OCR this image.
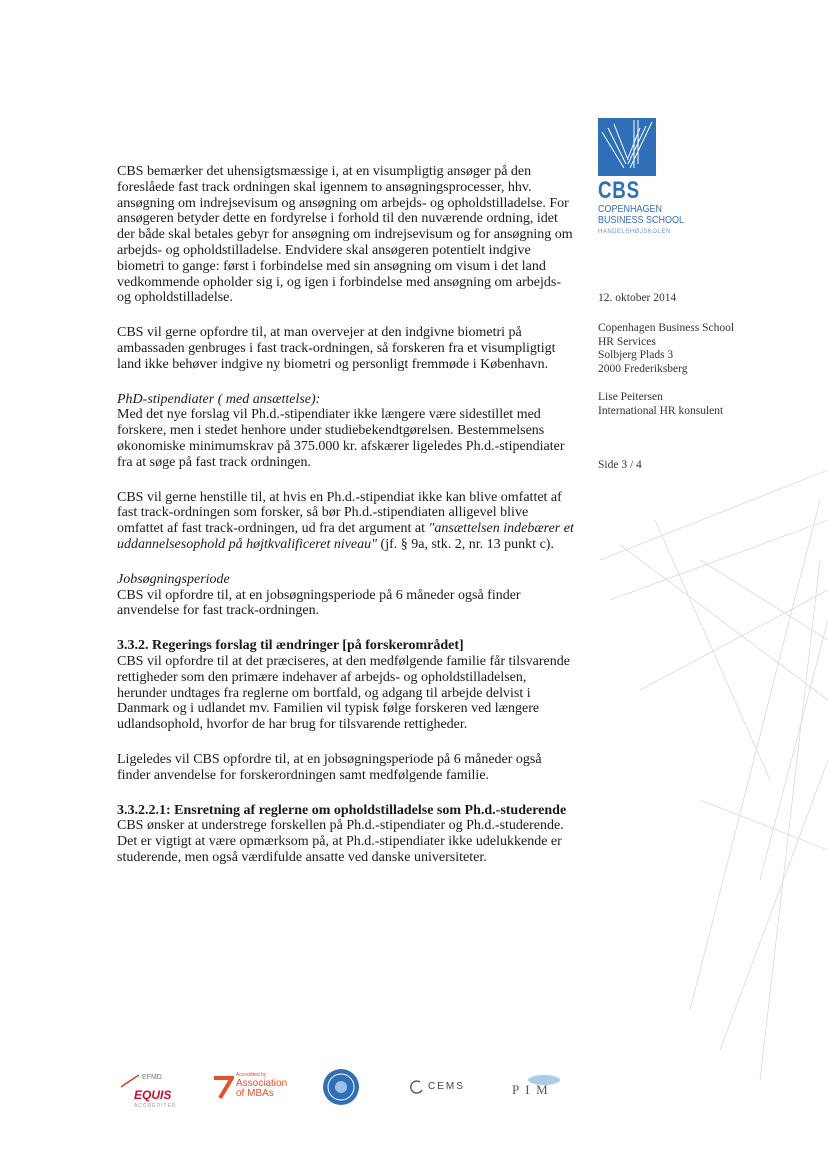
CBS
COPENHAGEN
BUSINESS SCHOOL
HANDELSHØJSKOLEN
12. oktober 2014
Copenhagen Business School
HR Services
Solbjerg Plads 3
2000 Frederiksberg
Lise Peitersen
International HR konsulent
Side 3 / 4

CBS bemærker det uhensigtsmæssige i, at en visumpligtig ansøger på den foreslåede fast track ordningen skal igennem to ansøgningsprocesser, hhv. ansøgning om indrejsevisum og ansøgning om arbejds- og opholdstilladelse. For ansøgeren betyder dette en fordyrelse i forhold til den nuværende ordning, idet der både skal betales gebyr for ansøgning om indrejsevisum og for ansøgning om arbejds- og opholdstilladelse. Endvidere skal ansøgeren potentielt indgive biometri to gange: først i forbindelse med sin ansøgning om visum i det land vedkommende opholder sig i, og igen i forbindelse med ansøgning om arbejds- og opholdstilladelse.

CBS vil gerne opfordre til, at man overvejer at den indgivne biometri på ambassaden genbruges i fast track-ordningen, så forskeren fra et visumpligtigt land ikke behøver indgive ny biometri og personligt fremmøde i København.

PhD-stipendiater ( med ansættelse):
Med det nye forslag vil Ph.d.-stipendiater ikke længere være sidestillet med forskere, men i stedet henhore under studiebekendtgørelsen. Bestemmelsens økonomiske minimumskrav på 375.000 kr. afskærer ligeledes Ph.d.-stipendiater fra at søge på fast track ordningen.

CBS vil gerne henstille til, at hvis en Ph.d.-stipendiat ikke kan blive omfattet af fast track-ordningen som forsker, så bør Ph.d.-stipendiaten alligevel blive omfattet af fast track-ordningen, ud fra det argument at "ansættelsen indebærer et uddannelsesophold på højtkvalificeret niveau" (jf. § 9a, stk. 2, nr. 13 punkt c).

Jobsøgningsperiode
CBS vil opfordre til, at en jobsøgningsperiode på 6 måneder også finder anvendelse for fast track-ordningen.
3.3.2. Regerings forslag til ændringer [på forskerområdet]
CBS vil opfordre til at det præciseres, at den medfølgende familie får tilsvarende rettigheder som den primære indehaver af arbejds- og opholdstilladelsen, herunder undtages fra reglerne om bortfald, og adgang til arbejde delvist i Danmark og i udlandet mv. Familien vil typisk følge forskeren ved længere udlandsophold, hvorfor de har brug for tilsvarende rettigheder.

Ligeledes vil CBS opfordre til, at en jobsøgningsperiode på 6 måneder også finder anvendelse for forskerordningen samt medfølgende familie.

3.3.2.2.1: Ensretning af reglerne om opholdstilladelse som Ph.d.-studerende
CBS ønsker at understrege forskellen på Ph.d.-stipendiater og Ph.d.-studerende. Det er vigtigt at være opmærksom på, at Ph.d.-stipendiater ikke udelukkende er studerende, men også værdifulde ansatte ved danske universiteter.
EFMD
EQUIS
ACCREDITED
Accredited by
Association
of MBAs
CEMS	P  I  M
